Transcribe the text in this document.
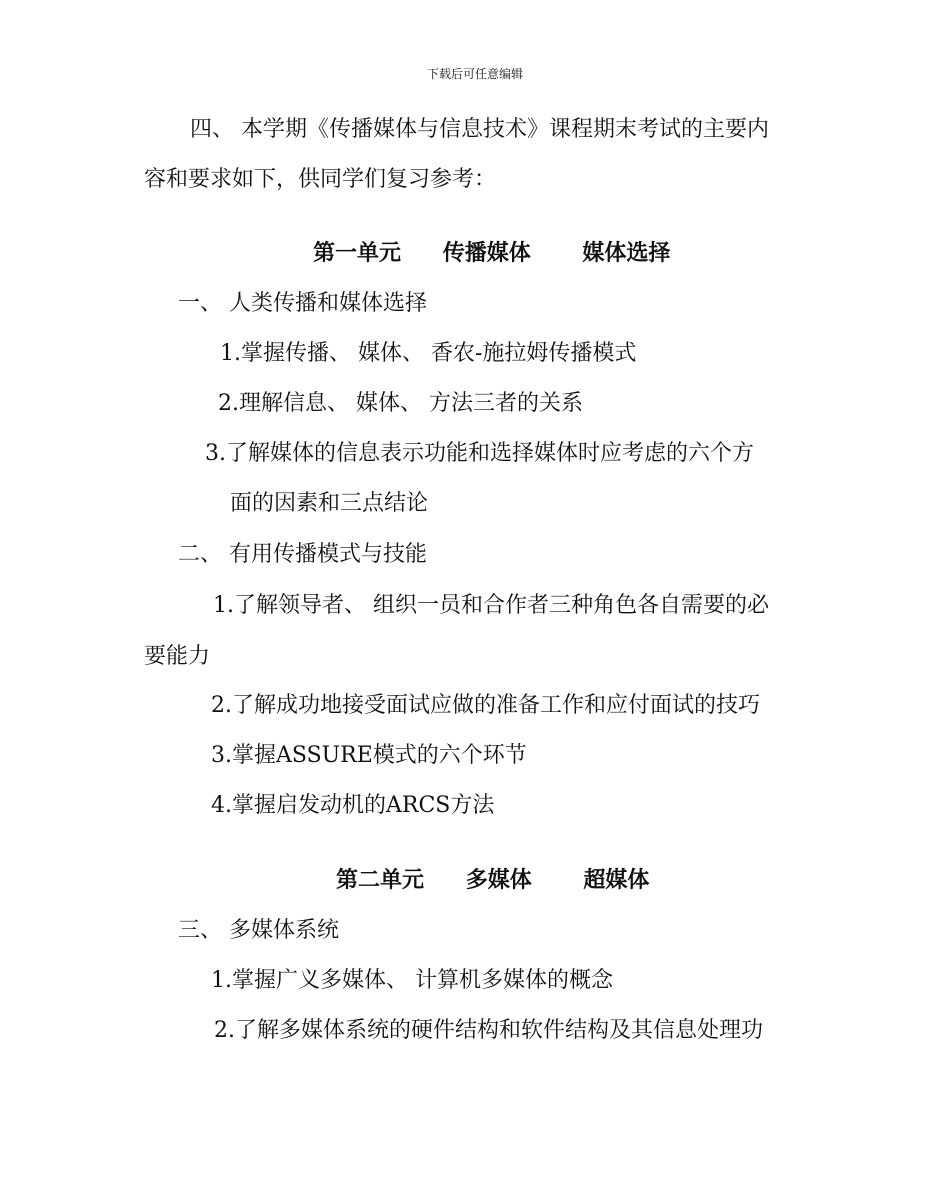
下载后可任意编辑
四、 本学期《传播媒体与信息技术》课程期末考试的主要内
容和要求如下，供同学们复习参考：
第一单元 传播媒体 媒体选择
一、 人类传播和媒体选择
1.掌握传播、 媒体、 香农-施拉姆传播模式
2.理解信息、 媒体、 方法三者的关系
3.了解媒体的信息表示功能和选择媒体时应考虑的六个方
面的因素和三点结论
二、 有用传播模式与技能
1.了解领导者、 组织一员和合作者三种角色各自需要的必
要能力
2.了解成功地接受面试应做的准备工作和应付面试的技巧
3.掌握ASSURE模式的六个环节
4.掌握启发动机的ARCS方法
第二单元 多媒体 超媒体
三、 多媒体系统
1.掌握广义多媒体、 计算机多媒体的概念
2.了解多媒体系统的硬件结构和软件结构及其信息处理功
